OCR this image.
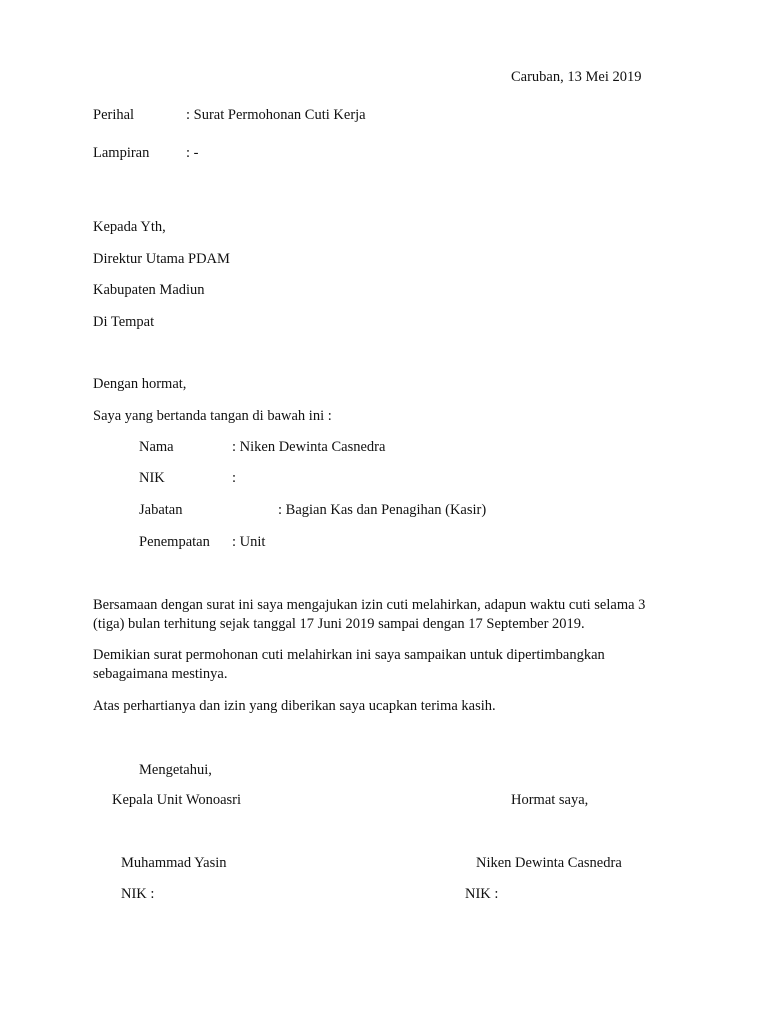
Caruban, 13 Mei 2019
Perihal	: Surat Permohonan Cuti Kerja
Lampiran	: -
Kepada Yth,
Direktur Utama PDAM
Kabupaten Madiun
Di Tempat
Dengan hormat,
Saya yang bertanda tangan di bawah ini :
Nama	: Niken Dewinta Casnedra
NIK	:
Jabatan	: Bagian Kas dan Penagihan (Kasir)
Penempatan : Unit
Bersamaan dengan surat ini saya mengajukan izin cuti melahirkan, adapun waktu cuti selama 3 (tiga) bulan terhitung sejak tanggal 17 Juni 2019 sampai dengan 17 September 2019.
Demikian surat permohonan cuti melahirkan ini saya sampaikan untuk dipertimbangkan sebagaimana mestinya.
Atas perhartianya dan izin yang diberikan saya ucapkan terima kasih.
Mengetahui,
Kepala Unit Wonoasri	Hormat saya,
Muhammad Yasin	Niken Dewinta Casnedra
NIK :	NIK :
